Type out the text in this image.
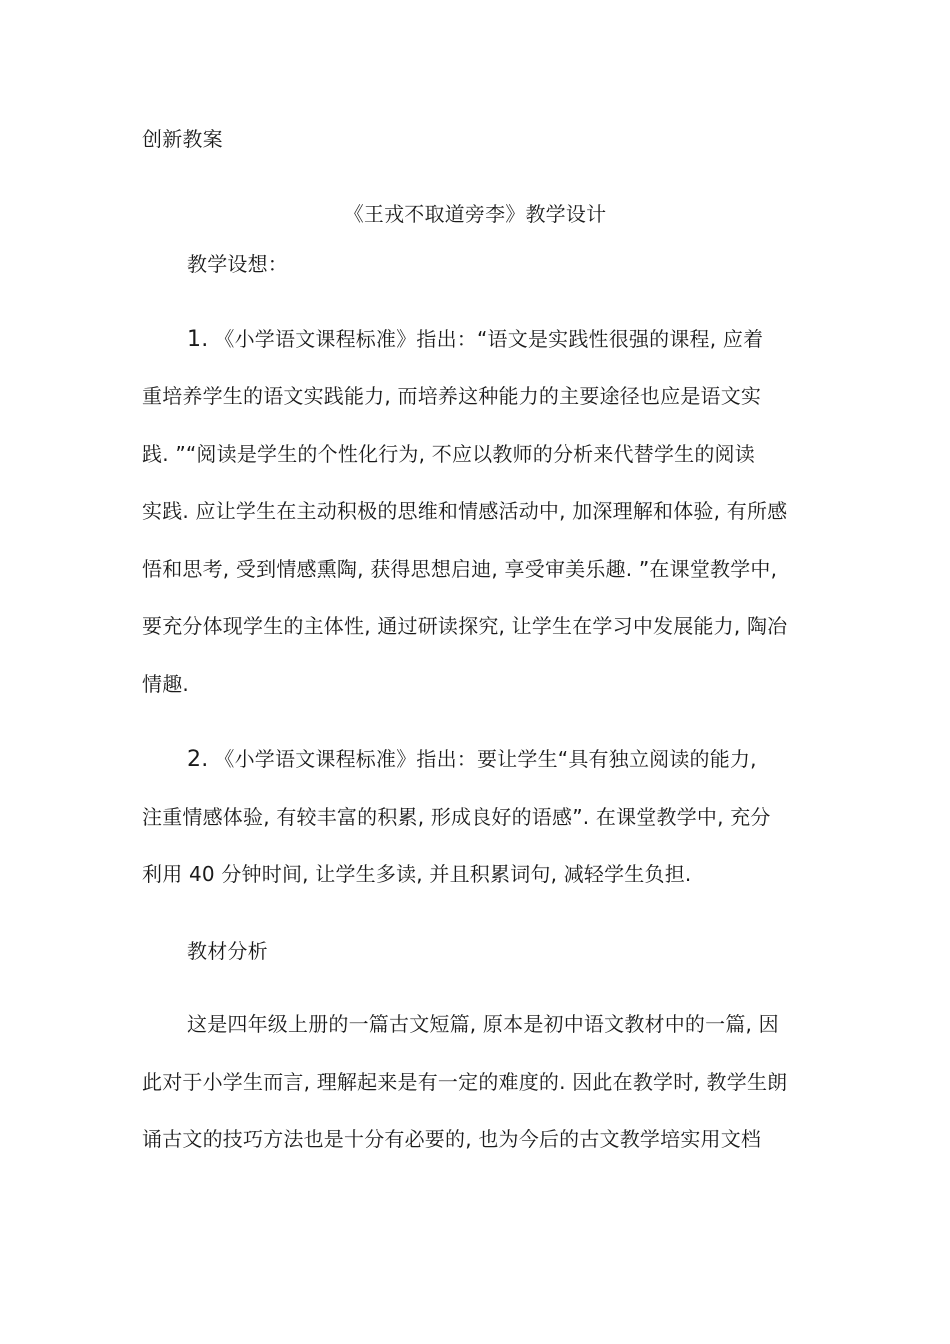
创新教案
《王戎不取道旁李》教学设计
教学设想：
1. 《小学语文课程标准》指出：“语文是实践性很强的课程, 应着
重培养学生的语文实践能力, 而培养这种能力的主要途径也应是语文实
践. ”“阅读是学生的个性化行为, 不应以教师的分析来代替学生的阅读
实践. 应让学生在主动积极的思维和情感活动中, 加深理解和体验, 有所感
悟和思考, 受到情感熏陶, 获得思想启迪, 享受审美乐趣. ”在课堂教学中,
要充分体现学生的主体性, 通过研读探究, 让学生在学习中发展能力, 陶冶
情趣.
2. 《小学语文课程标准》指出：要让学生“具有独立阅读的能力,
注重情感体验, 有较丰富的积累, 形成良好的语感”. 在课堂教学中, 充分
利用 40 分钟时间, 让学生多读, 并且积累词句, 减轻学生负担.
教材分析
这是四年级上册的一篇古文短篇, 原本是初中语文教材中的一篇, 因
此对于小学生而言, 理解起来是有一定的难度的. 因此在教学时, 教学生朗
诵古文的技巧方法也是十分有必要的, 也为今后的古文教学培实用文档
